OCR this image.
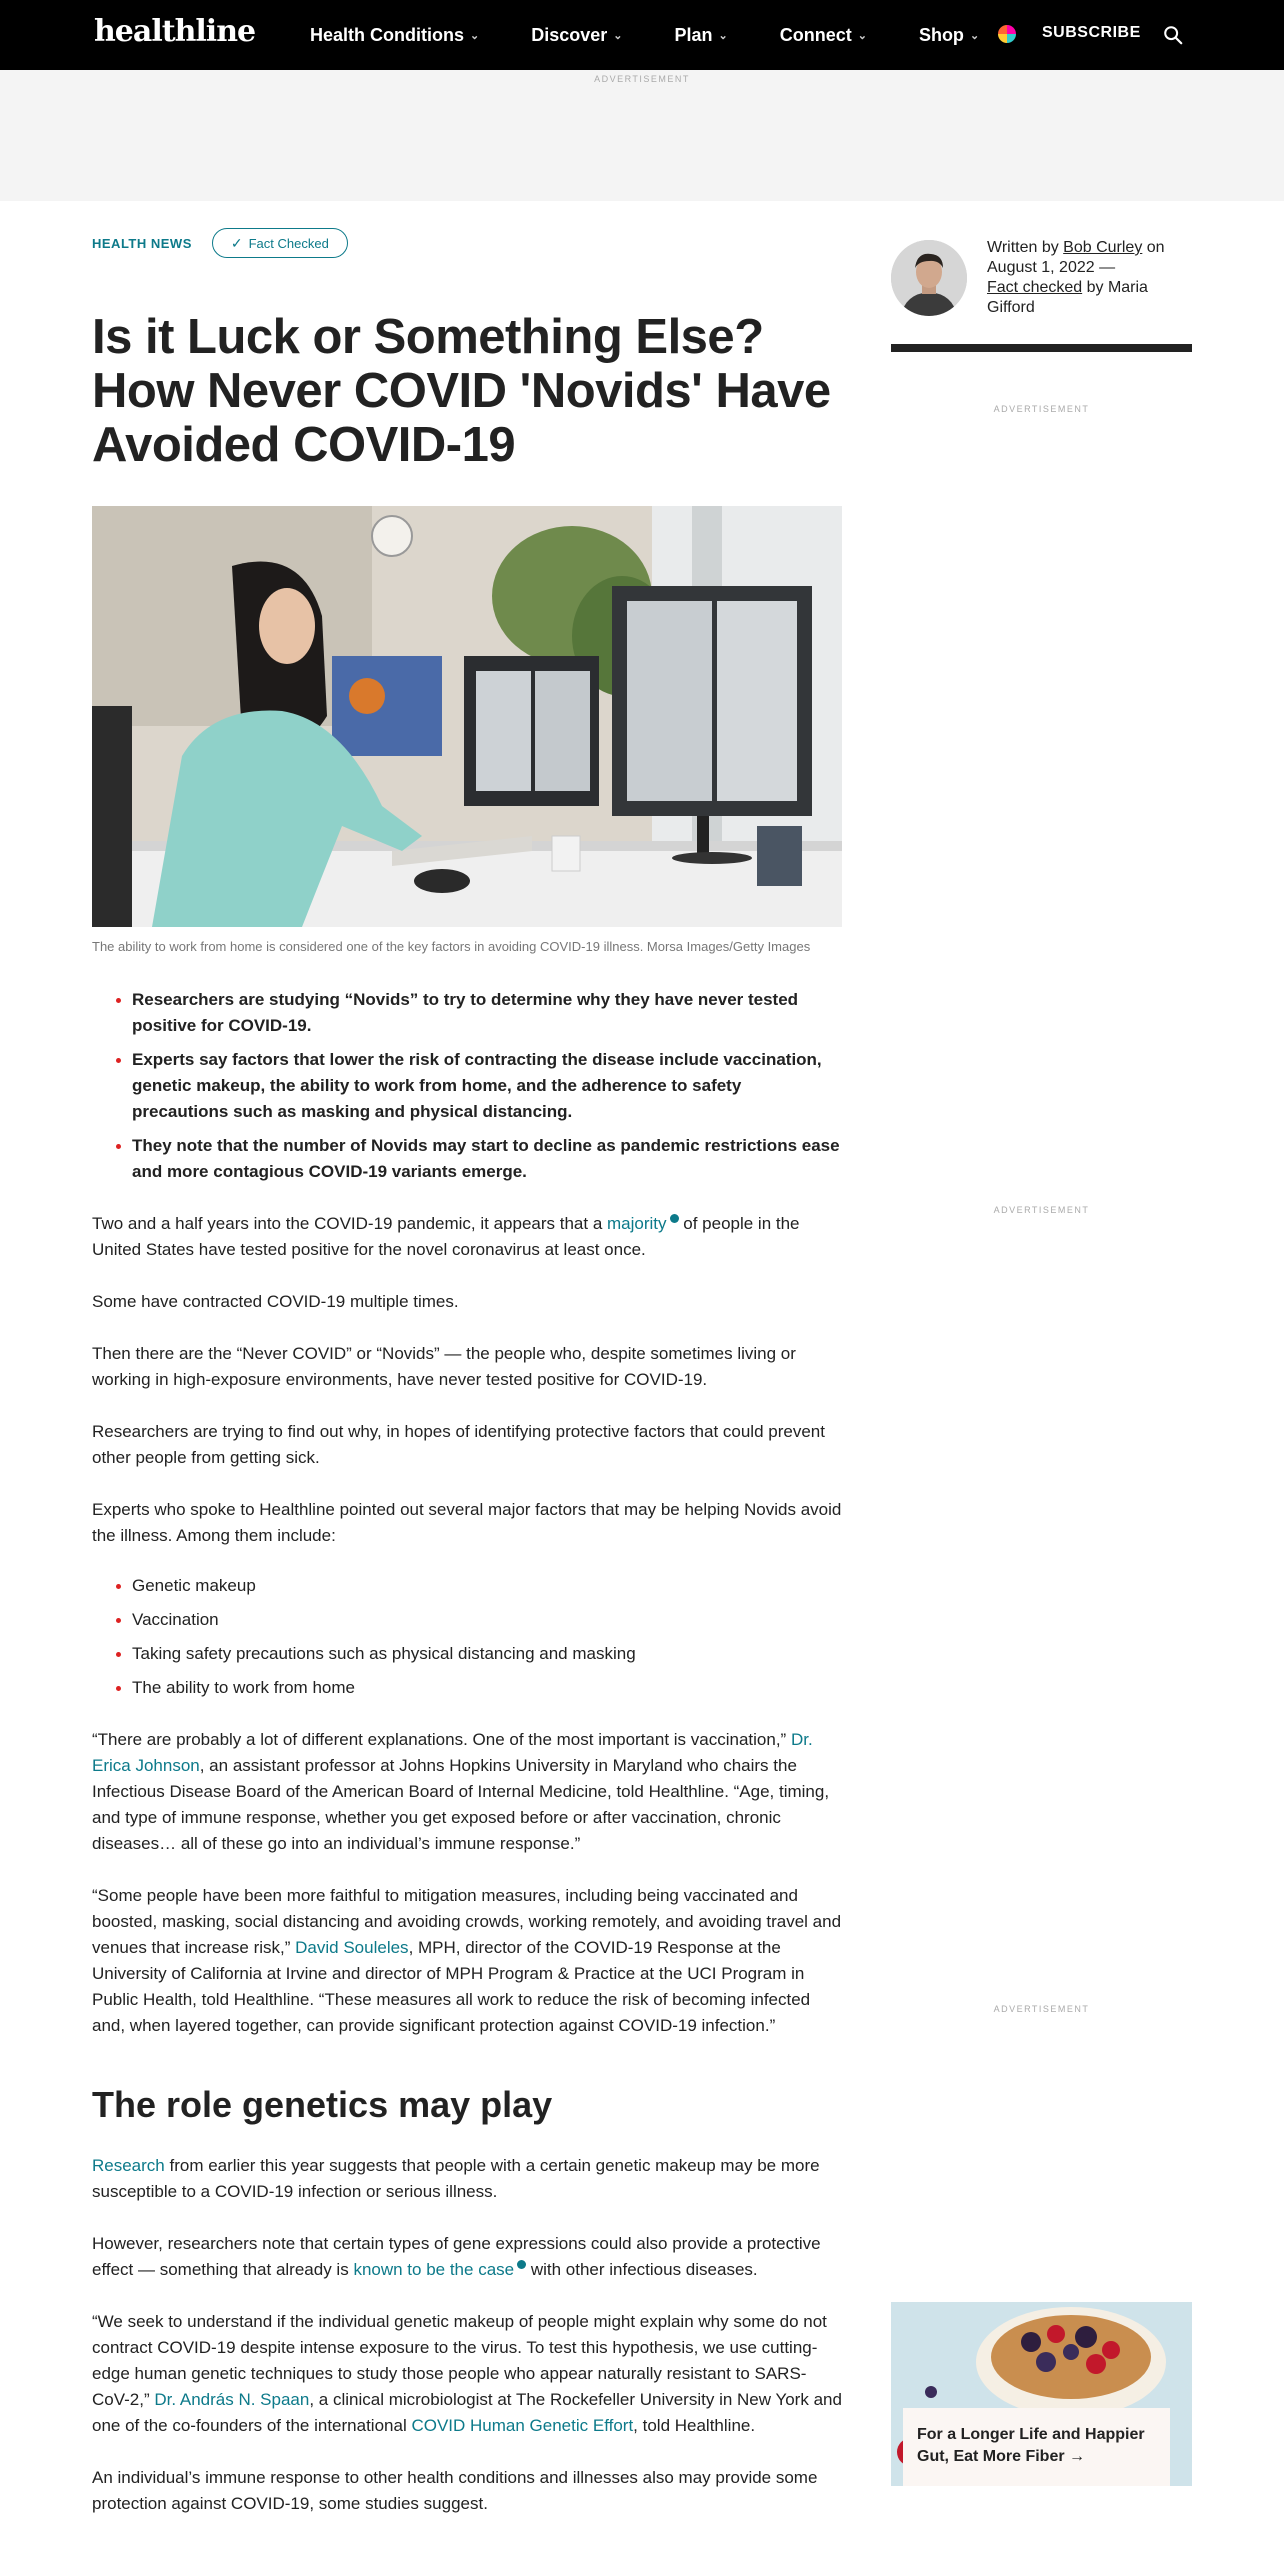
healthline	Health Conditions ⌄	Discover ⌄	Plan ⌄	Connect ⌄	Shop ⌄	SUBSCRIBE
ADVERTISEMENT
HEALTH NEWS	✓ Fact Checked
Is it Luck or Something Else? How Never COVID 'Novids' Have Avoided COVID-19
The ability to work from home is considered one of the key factors in avoiding COVID-19 illness. Morsa Images/Getty Images
Researchers are studying “Novids” to try to determine why they have never tested positive for COVID-19.
Experts say factors that lower the risk of contracting the disease include vaccination, genetic makeup, the ability to work from home, and the adherence to safety precautions such as masking and physical distancing.
They note that the number of Novids may start to decline as pandemic restrictions ease and more contagious COVID-19 variants emerge.
Two and a half years into the COVID-19 pandemic, it appears that a majority of people in the United States have tested positive for the novel coronavirus at least once.
Some have contracted COVID-19 multiple times.
Then there are the “Never COVID” or “Novids” — the people who, despite sometimes living or working in high-exposure environments, have never tested positive for COVID-19.
Researchers are trying to find out why, in hopes of identifying protective factors that could prevent other people from getting sick.
Experts who spoke to Healthline pointed out several major factors that may be helping Novids avoid the illness. Among them include:
Genetic makeup
Vaccination
Taking safety precautions such as physical distancing and masking
The ability to work from home
“There are probably a lot of different explanations. One of the most important is vaccination,” Dr. Erica Johnson, an assistant professor at Johns Hopkins University in Maryland who chairs the Infectious Disease Board of the American Board of Internal Medicine, told Healthline. “Age, timing, and type of immune response, whether you get exposed before or after vaccination, chronic diseases… all of these go into an individual’s immune response.”
“Some people have been more faithful to mitigation measures, including being vaccinated and boosted, masking, social distancing and avoiding crowds, working remotely, and avoiding travel and venues that increase risk,” David Souleles, MPH, director of the COVID-19 Response at the University of California at Irvine and director of MPH Program & Practice at the UCI Program in Public Health, told Healthline. “These measures all work to reduce the risk of becoming infected and, when layered together, can provide significant protection against COVID-19 infection.”
The role genetics may play
Research from earlier this year suggests that people with a certain genetic makeup may be more susceptible to a COVID-19 infection or serious illness.
However, researchers note that certain types of gene expressions could also provide a protective effect — something that already is known to be the case with other infectious diseases.
“We seek to understand if the individual genetic makeup of people might explain why some do not contract COVID-19 despite intense exposure to the virus. To test this hypothesis, we use cutting-edge human genetic techniques to study those people who appear naturally resistant to SARS-CoV-2,” Dr. András N. Spaan, a clinical microbiologist at The Rockefeller University in New York and one of the co-founders of the international COVID Human Genetic Effort, told Healthline.
An individual’s immune response to other health conditions and illnesses also may provide some protection against COVID-19, some studies suggest.
Written by Bob Curley on
August 1, 2022 —
Fact checked by Maria Gifford
ADVERTISEMENT
ADVERTISEMENT
ADVERTISEMENT
For a Longer Life and Happier Gut, Eat More Fiber →
